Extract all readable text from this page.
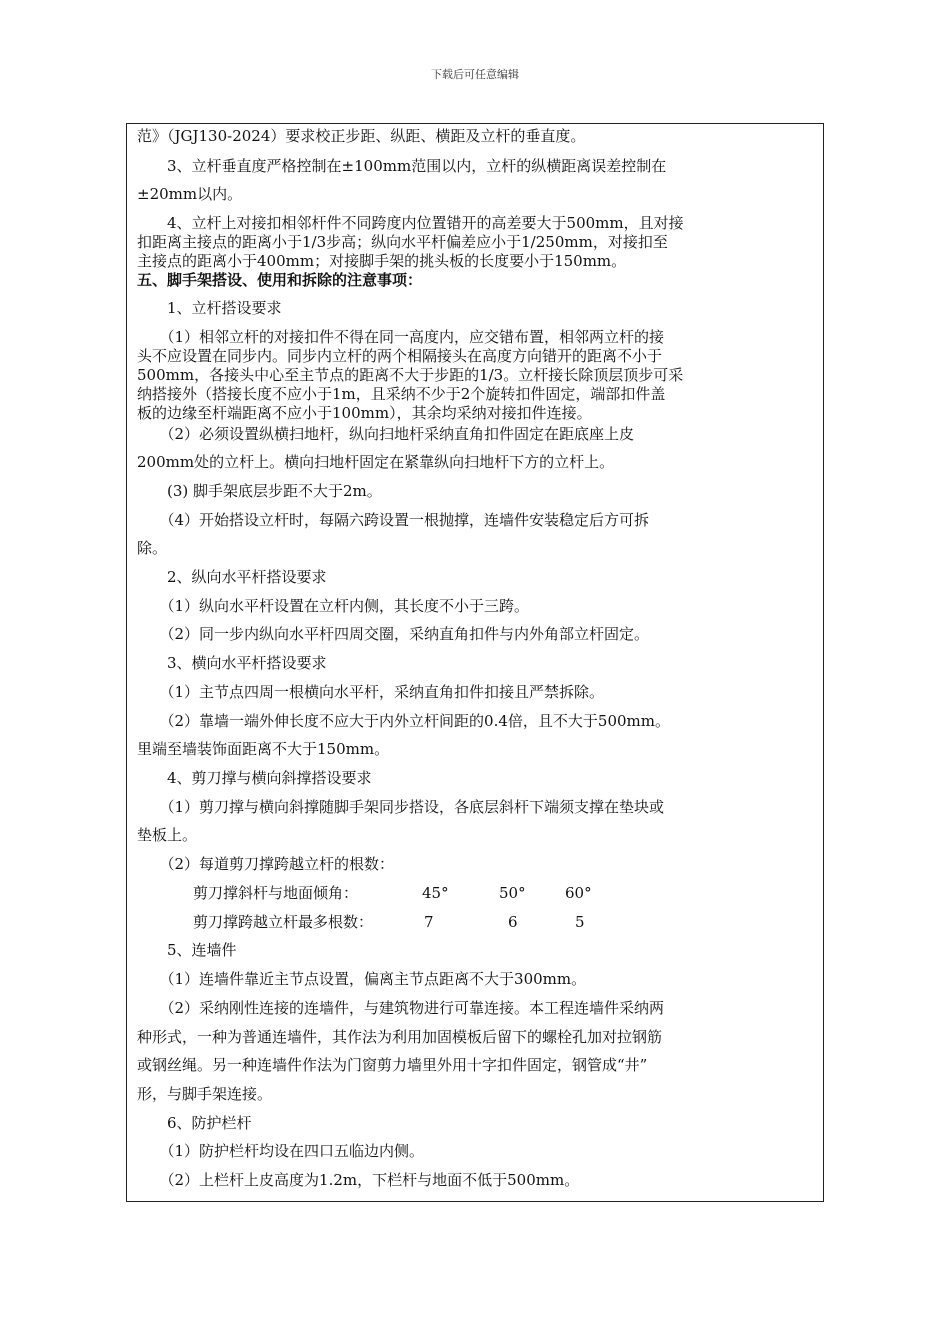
下载后可任意编辑
范》（JGJ130-2024）要求校正步距、纵距、横距及立杆的垂直度。
　　3、立杆垂直度严格控制在±100mm范围以内，立杆的纵横距离误差控制在
±20mm以内。
　　4、立杆上对接扣相邻杆件不同跨度内位置错开的高差要大于500mm，且对接
扣距离主接点的距离小于1/3步高；纵向水平杆偏差应小于1/250mm，对接扣至
主接点的距离小于400mm；对接脚手架的挑头板的长度要小于150mm。
五、脚手架搭设、使用和拆除的注意事项：
　　1、立杆搭设要求
　　（1）相邻立杆的对接扣件不得在同一高度内，应交错布置，相邻两立杆的接
头不应设置在同步内。同步内立杆的两个相隔接头在高度方向错开的距离不小于
500mm，各接头中心至主节点的距离不大于步距的1/3。立杆接长除顶层顶步可采
纳搭接外（搭接长度不应小于1m，且采纳不少于2个旋转扣件固定，端部扣件盖
板的边缘至杆端距离不应小于100mm），其余均采纳对接扣件连接。
　　（2）必须设置纵横扫地杆，纵向扫地杆采纳直角扣件固定在距底座上皮
200mm处的立杆上。横向扫地杆固定在紧靠纵向扫地杆下方的立杆上。
　　(3) 脚手架底层步距不大于2m。
　　（4）开始搭设立杆时，每隔六跨设置一根抛撑，连墙件安装稳定后方可拆
除。
　　2、纵向水平杆搭设要求
　　（1）纵向水平杆设置在立杆内侧，其长度不小于三跨。
　　（2）同一步内纵向水平杆四周交圈，采纳直角扣件与内外角部立杆固定。
　　3、横向水平杆搭设要求
　　（1）主节点四周一根横向水平杆，采纳直角扣件扣接且严禁拆除。
　　（2）靠墙一端外伸长度不应大于内外立杆间距的0.4倍，且不大于500mm。
里端至墙装饰面距离不大于150mm。
　　4、剪刀撑与横向斜撑搭设要求
　　（1）剪刀撑与横向斜撑随脚手架同步搭设，各底层斜杆下端须支撑在垫块或
垫板上。
　　（2）每道剪刀撑跨越立杆的根数：
剪刀撑斜杆与地面倾角：	45°	50°	60°
剪刀撑跨越立杆最多根数：	7	6	5
　　5、连墙件
　　（1）连墙件靠近主节点设置，偏离主节点距离不大于300mm。
　　（2）采纳刚性连接的连墙件，与建筑物进行可靠连接。本工程连墙件采纳两
种形式，一种为普通连墙件，其作法为利用加固模板后留下的螺栓孔加对拉钢筋
或钢丝绳。另一种连墙件作法为门窗剪力墙里外用十字扣件固定，钢管成“井”
形，与脚手架连接。
　　6、防护栏杆
　　（1）防护栏杆均设在四口五临边内侧。
　　（2）上栏杆上皮高度为1.2m，下栏杆与地面不低于500mm。
